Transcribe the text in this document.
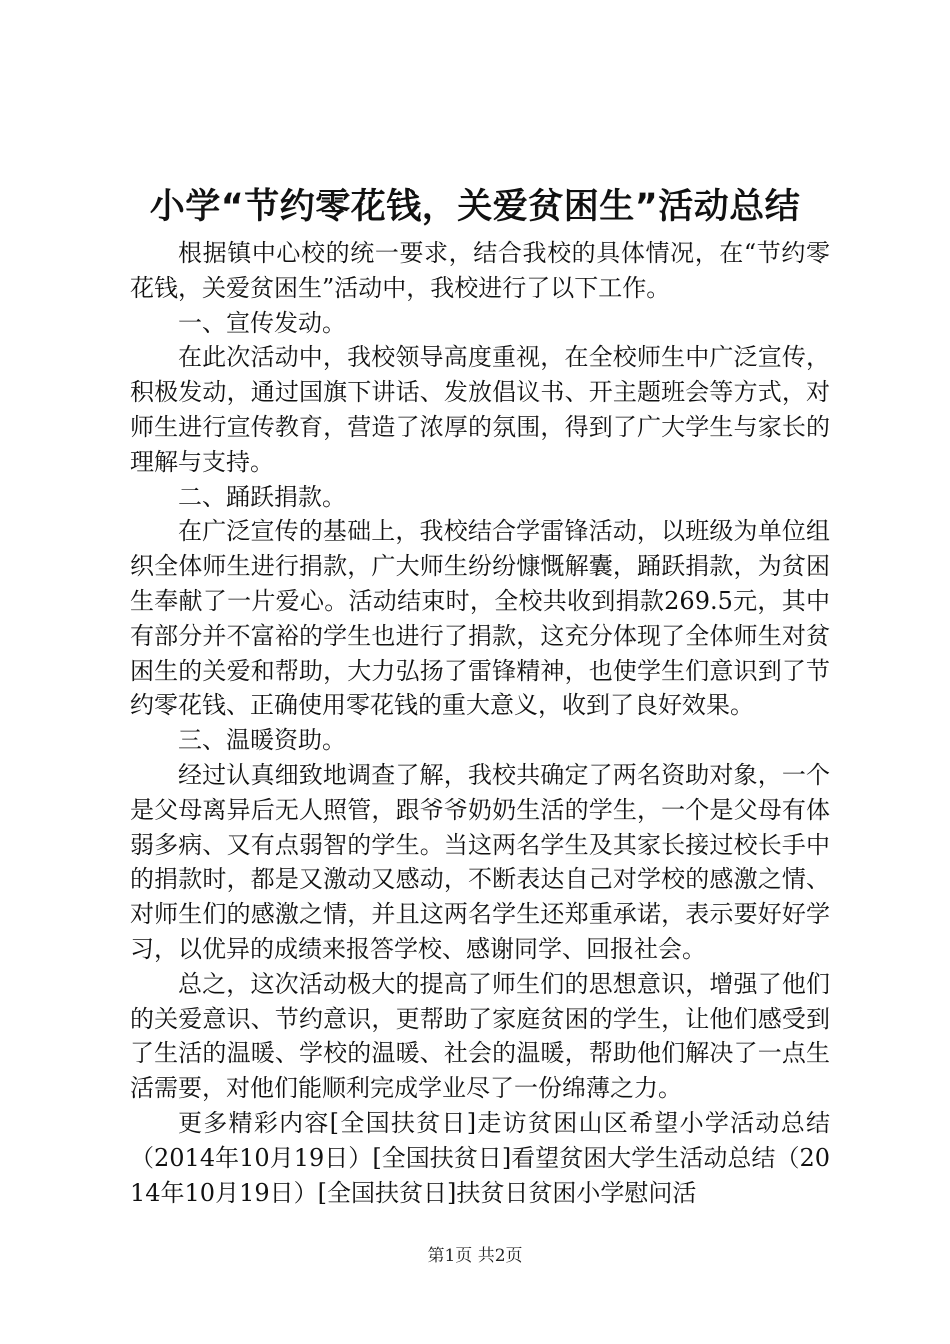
小学“节约零花钱，关爱贫困生”活动总结

根据镇中心校的统一要求，结合我校的具体情况，在“节约零花钱，关爱贫困生”活动中，我校进行了以下工作。

一、宣传发动。

在此次活动中，我校领导高度重视，在全校师生中广泛宣传，积极发动，通过国旗下讲话、发放倡议书、开主题班会等方式，对师生进行宣传教育，营造了浓厚的氛围，得到了广大学生与家长的理解与支持。

二、踊跃捐款。

在广泛宣传的基础上，我校结合学雷锋活动，以班级为单位组织全体师生进行捐款，广大师生纷纷慷慨解囊，踊跃捐款，为贫困生奉献了一片爱心。活动结束时，全校共收到捐款269.5元，其中有部分并不富裕的学生也进行了捐款，这充分体现了全体师生对贫困生的关爱和帮助，大力弘扬了雷锋精神，也使学生们意识到了节约零花钱、正确使用零花钱的重大意义，收到了良好效果。

三、温暖资助。

经过认真细致地调查了解，我校共确定了两名资助对象，一个是父母离异后无人照管，跟爷爷奶奶生活的学生，一个是父母有体弱多病、又有点弱智的学生。当这两名学生及其家长接过校长手中的捐款时，都是又激动又感动，不断表达自己对学校的感激之情、对师生们的感激之情，并且这两名学生还郑重承诺，表示要好好学习，以优异的成绩来报答学校、感谢同学、回报社会。

总之，这次活动极大的提高了师生们的思想意识，增强了他们的关爱意识、节约意识，更帮助了家庭贫困的学生，让他们感受到了生活的温暖、学校的温暖、社会的温暖，帮助他们解决了一点生活需要，对他们能顺利完成学业尽了一份绵薄之力。

更多精彩内容[全国扶贫日]走访贫困山区希望小学活动总结（2014年10月19日）[全国扶贫日]看望贫困大学生活动总结（2014年10月19日）[全国扶贫日]扶贫日贫困小学慰问活

第1页 共2页
